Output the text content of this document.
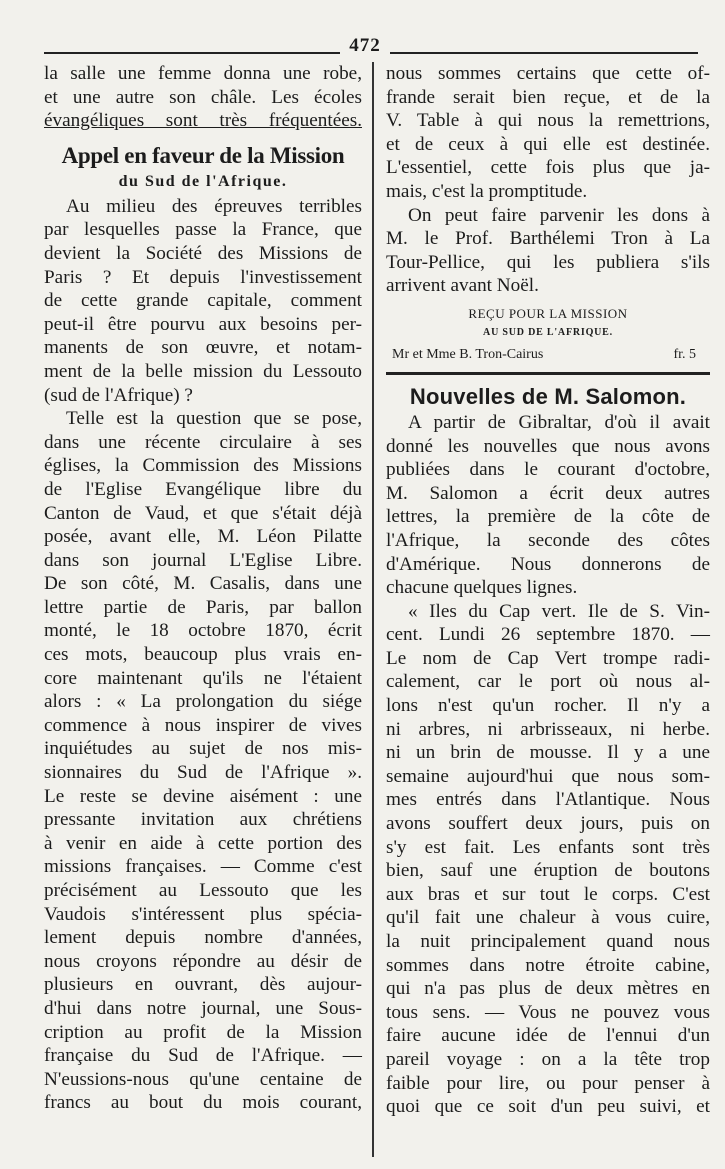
472
la salle une femme donna une robe,
et une autre son châle. Les écoles
évangéliques sont très fréquentées.
Appel en faveur de la Mission
du Sud de l'Afrique.
Au milieu des épreuves terribles
par lesquelles passe la France, que
devient la Société des Missions de
Paris ? Et depuis l'investissement
de cette grande capitale, comment
peut-il être pourvu aux besoins per-
manents de son œuvre, et notam-
ment de la belle mission du Lessouto
(sud de l'Afrique) ?
Telle est la question que se pose,
dans une récente circulaire à ses
églises, la Commission des Missions
de l'Eglise Evangélique libre du
Canton de Vaud, et que s'était déjà
posée, avant elle, M. Léon Pilatte
dans son journal L'Eglise Libre.
De son côté, M. Casalis, dans une
lettre partie de Paris, par ballon
monté, le 18 octobre 1870, écrit
ces mots, beaucoup plus vrais en-
core maintenant qu'ils ne l'étaient
alors : « La prolongation du siége
commence à nous inspirer de vives
inquiétudes au sujet de nos mis-
sionnaires du Sud de l'Afrique ».
Le reste se devine aisément : une
pressante invitation aux chrétiens
à venir en aide à cette portion des
missions françaises. — Comme c'est
précisément au Lessouto que les
Vaudois s'intéressent plus spécia-
lement depuis nombre d'années,
nous croyons répondre au désir de
plusieurs en ouvrant, dès aujour-
d'hui dans notre journal, une Sous-
cription au profit de la Mission
française du Sud de l'Afrique. —
N'eussions-nous qu'une centaine de
francs au bout du mois courant,
nous sommes certains que cette of-
frande serait bien reçue, et de la
V. Table à qui nous la remettrions,
et de ceux à qui elle est destinée.
L'essentiel, cette fois plus que ja-
mais, c'est la promptitude.
On peut faire parvenir les dons à
M. le Prof. Barthélemi Tron à La
Tour-Pellice, qui les publiera s'ils
arrivent avant Noël.
REÇU POUR LA MISSION
AU SUD DE L'AFRIQUE.
Mr et Mme B. Tron-Cairus	fr. 5
Nouvelles de M. Salomon.
A partir de Gibraltar, d'où il avait
donné les nouvelles que nous avons
publiées dans le courant d'octobre,
M. Salomon a écrit deux autres
lettres, la première de la côte de
l'Afrique, la seconde des côtes
d'Amérique. Nous donnerons de
chacune quelques lignes.
« Iles du Cap vert. Ile de S. Vin-
cent. Lundi 26 septembre 1870. —
Le nom de Cap Vert trompe radi-
calement, car le port où nous al-
lons n'est qu'un rocher. Il n'y a
ni arbres, ni arbrisseaux, ni herbe.
ni un brin de mousse. Il y a une
semaine aujourd'hui que nous som-
mes entrés dans l'Atlantique. Nous
avons souffert deux jours, puis on
s'y est fait. Les enfants sont très
bien, sauf une éruption de boutons
aux bras et sur tout le corps. C'est
qu'il fait une chaleur à vous cuire,
la nuit principalement quand nous
sommes dans notre étroite cabine,
qui n'a pas plus de deux mètres en
tous sens. — Vous ne pouvez vous
faire aucune idée de l'ennui d'un
pareil voyage : on a la tête trop
faible pour lire, ou pour penser à
quoi que ce soit d'un peu suivi, et
